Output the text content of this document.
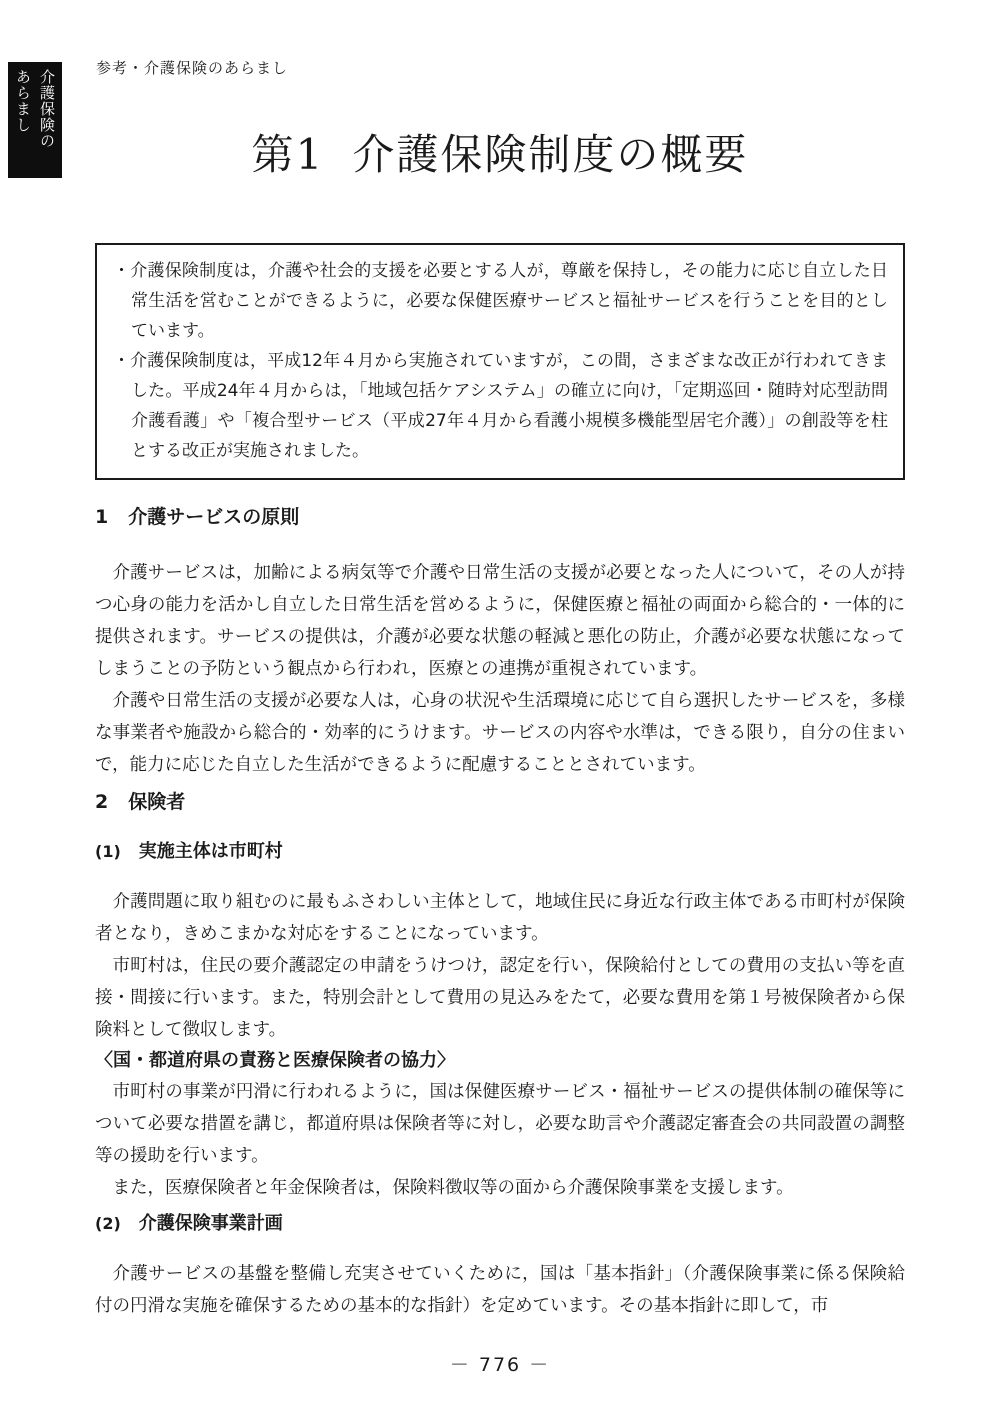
参考・介護保険のあらまし
介護保険の
あらまし
第1 介護保険制度の概要

・介護保険制度は，介護や社会的支援を必要とする人が，尊厳を保持し，その能力に応じ自立した日常生活を営むことができるように，必要な保健医療サービスと福祉サービスを行うことを目的としています。

・介護保険制度は，平成12年４月から実施されていますが，この間，さまざまな改正が行われてきました。平成24年４月からは，「地域包括ケアシステム」の確立に向け，「定期巡回・随時対応型訪問介護看護」や「複合型サービス（平成27年４月から看護小規模多機能型居宅介護）」の創設等を柱とする改正が実施されました。

1 介護サービスの原則

介護サービスは，加齢による病気等で介護や日常生活の支援が必要となった人について，その人が持つ心身の能力を活かし自立した日常生活を営めるように，保健医療と福祉の両面から総合的・一体的に提供されます。サービスの提供は，介護が必要な状態の軽減と悪化の防止，介護が必要な状態になってしまうことの予防という観点から行われ，医療との連携が重視されています。

介護や日常生活の支援が必要な人は，心身の状況や生活環境に応じて自ら選択したサービスを，多様な事業者や施設から総合的・効率的にうけます。サービスの内容や水準は，できる限り，自分の住まいで，能力に応じた自立した生活ができるように配慮することとされています。

2 保険者
(1) 実施主体は市町村

介護問題に取り組むのに最もふさわしい主体として，地域住民に身近な行政主体である市町村が保険者となり，きめこまかな対応をすることになっています。

市町村は，住民の要介護認定の申請をうけつけ，認定を行い，保険給付としての費用の支払い等を直接・間接に行います。また，特別会計として費用の見込みをたて，必要な費用を第１号被保険者から保険料として徴収します。

〈国・都道府県の責務と医療保険者の協力〉

市町村の事業が円滑に行われるように，国は保健医療サービス・福祉サービスの提供体制の確保等について必要な措置を講じ，都道府県は保険者等に対し，必要な助言や介護認定審査会の共同設置の調整等の援助を行います。

また，医療保険者と年金保険者は，保険料徴収等の面から介護保険事業を支援します。

(2) 介護保険事業計画

介護サービスの基盤を整備し充実させていくために，国は「基本指針」（介護保険事業に係る保険給付の円滑な実施を確保するための基本的な指針）を定めています。その基本指針に即して，市

－ 776 －
